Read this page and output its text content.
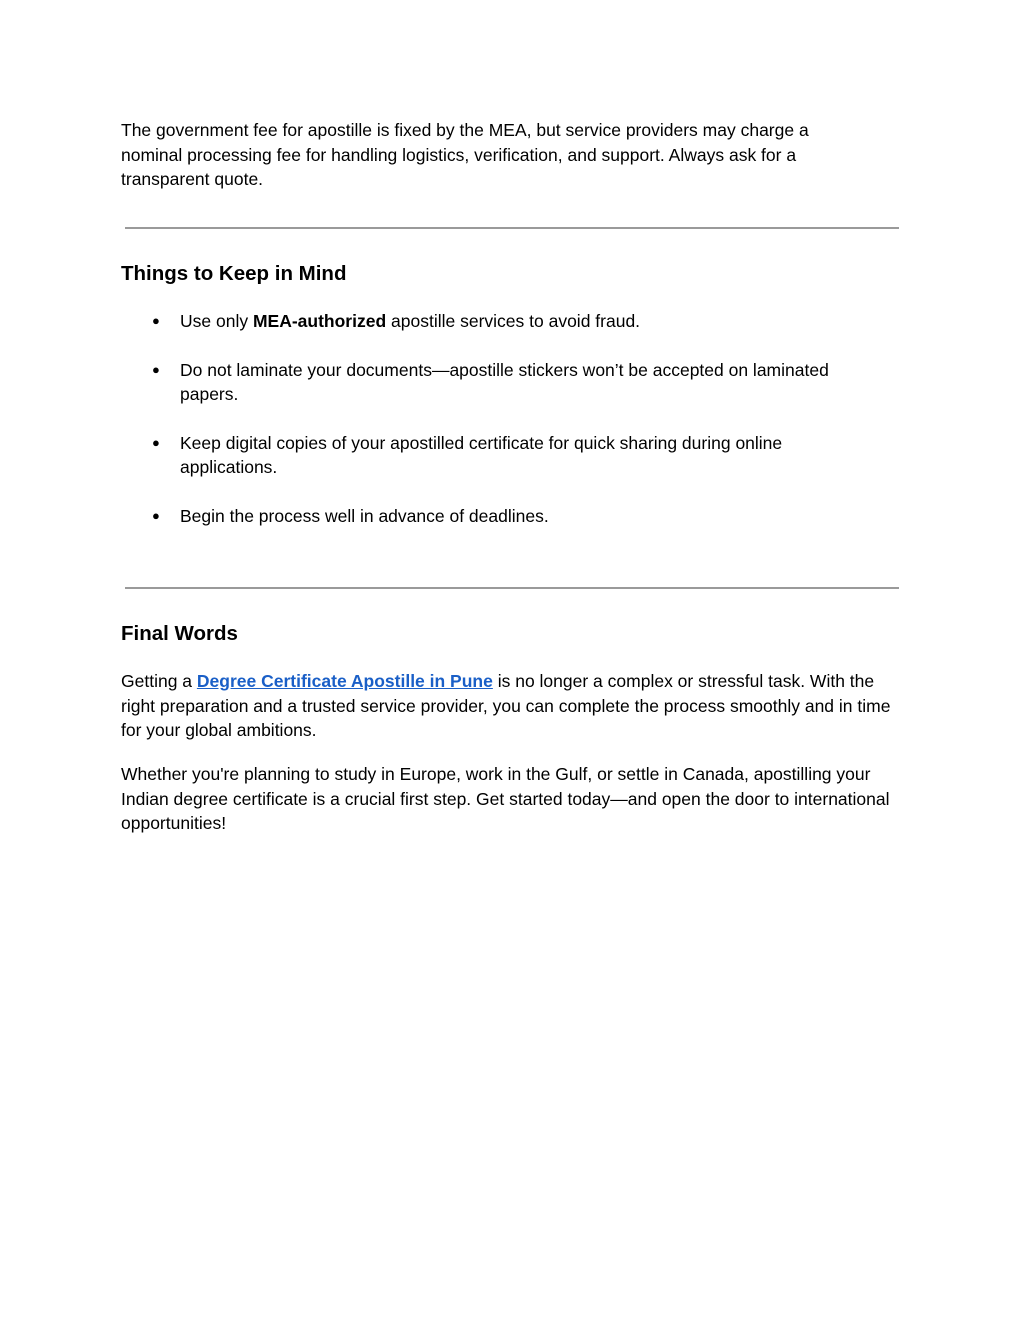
The government fee for apostille is fixed by the MEA, but service providers may charge a nominal processing fee for handling logistics, verification, and support. Always ask for a transparent quote.

Things to Keep in Mind
● Use only MEA-authorized apostille services to avoid fraud.
● Do not laminate your documents—apostille stickers won’t be accepted on laminated papers.
● Keep digital copies of your apostilled certificate for quick sharing during online applications.
● Begin the process well in advance of deadlines.
Final Words

Getting a Degree Certificate Apostille in Pune is no longer a complex or stressful task. With the right preparation and a trusted service provider, you can complete the process smoothly and in time for your global ambitions.

Whether you're planning to study in Europe, work in the Gulf, or settle in Canada, apostilling your Indian degree certificate is a crucial first step. Get started today—and open the door to international opportunities!
